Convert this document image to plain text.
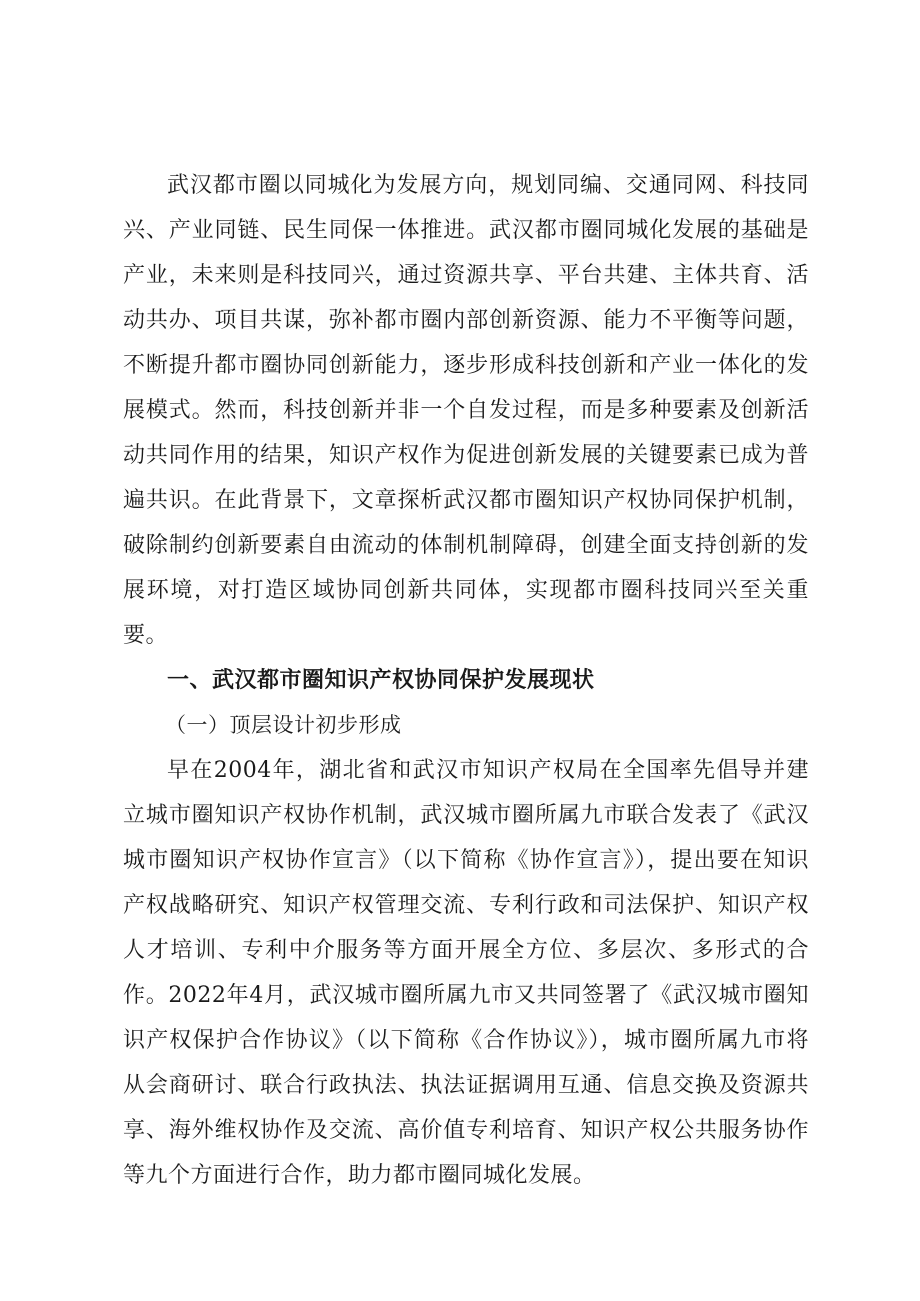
武汉都市圈以同城化为发展方向，规划同编、交通同网、科技同兴、产业同链、民生同保一体推进。武汉都市圈同城化发展的基础是产业，未来则是科技同兴，通过资源共享、平台共建、主体共育、活动共办、项目共谋，弥补都市圈内部创新资源、能力不平衡等问题，不断提升都市圈协同创新能力，逐步形成科技创新和产业一体化的发展模式。然而，科技创新并非一个自发过程，而是多种要素及创新活动共同作用的结果，知识产权作为促进创新发展的关键要素已成为普遍共识。在此背景下，文章探析武汉都市圈知识产权协同保护机制，破除制约创新要素自由流动的体制机制障碍，创建全面支持创新的发展环境，对打造区域协同创新共同体，实现都市圈科技同兴至关重要。

一、武汉都市圈知识产权协同保护发展现状

（一）顶层设计初步形成

早在2004年，湖北省和武汉市知识产权局在全国率先倡导并建立城市圈知识产权协作机制，武汉城市圈所属九市联合发表了《武汉城市圈知识产权协作宣言》（以下简称《协作宣言》），提出要在知识产权战略研究、知识产权管理交流、专利行政和司法保护、知识产权人才培训、专利中介服务等方面开展全方位、多层次、多形式的合作。2022年4月，武汉城市圈所属九市又共同签署了《武汉城市圈知识产权保护合作协议》（以下简称《合作协议》），城市圈所属九市将从会商研讨、联合行政执法、执法证据调用互通、信息交换及资源共享、海外维权协作及交流、高价值专利培育、知识产权公共服务协作等九个方面进行合作，助力都市圈同城化发展。
